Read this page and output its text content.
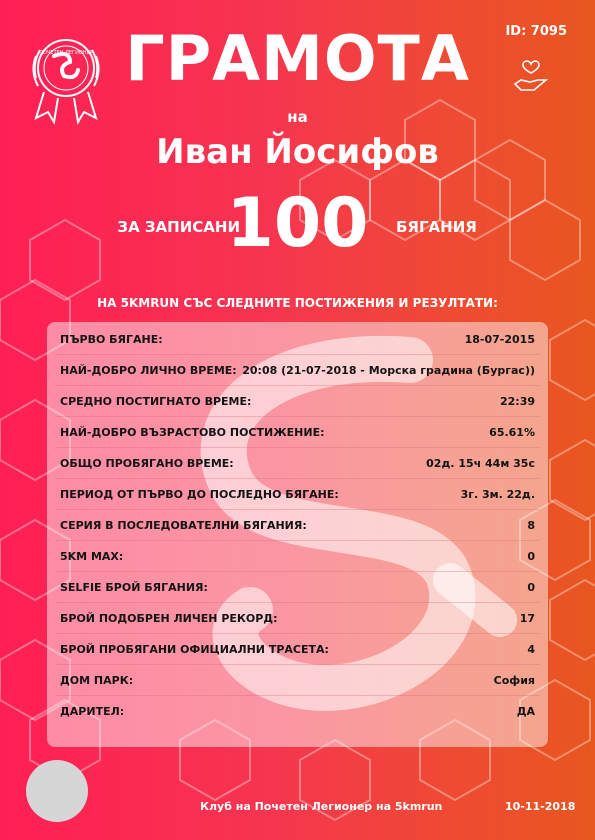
ПОЧЕТЕН ЛЕГИОНЕР
ID: 7095
ГРАМОТА
на
Иван Йосифов
ЗА ЗАПИСАНИ
100	БЯГАНИЯ
НА 5KMRUN СЪС СЛЕДНИТЕ ПОСТИЖЕНИЯ И РЕЗУЛТАТИ:
ПЪРВО БЯГАНЕ:	18-07-2015
НАЙ-ДОБРО ЛИЧНО ВРЕМЕ: 20:08 (21-07-2018 - Морска градина (Бургас))
СРЕДНО ПОСТИГНАТО ВРЕМЕ:	22:39
НАЙ-ДОБРО ВЪЗРАСТОВО ПОСТИЖЕНИЕ:	65.61%
ОБЩО ПРОБЯГАНО ВРЕМЕ:	02д. 15ч 44м 35с
ПЕРИОД ОТ ПЪРВО ДО ПОСЛЕДНО БЯГАНЕ:	3г. 3м. 22д.
СЕРИЯ В ПОСЛЕДОВАТЕЛНИ БЯГАНИЯ:	8
5KM MAX:	0
SELFIE БРОЙ БЯГАНИЯ:	0
БРОЙ ПОДОБРЕН ЛИЧЕН РЕКОРД:	17
БРОЙ ПРОБЯГАНИ ОФИЦИАЛНИ ТРАСЕТА:	4
ДОМ ПАРК:	София
ДАРИТЕЛ:	ДА
Клуб на Почетен Легионер на 5kmrun	10-11-2018
